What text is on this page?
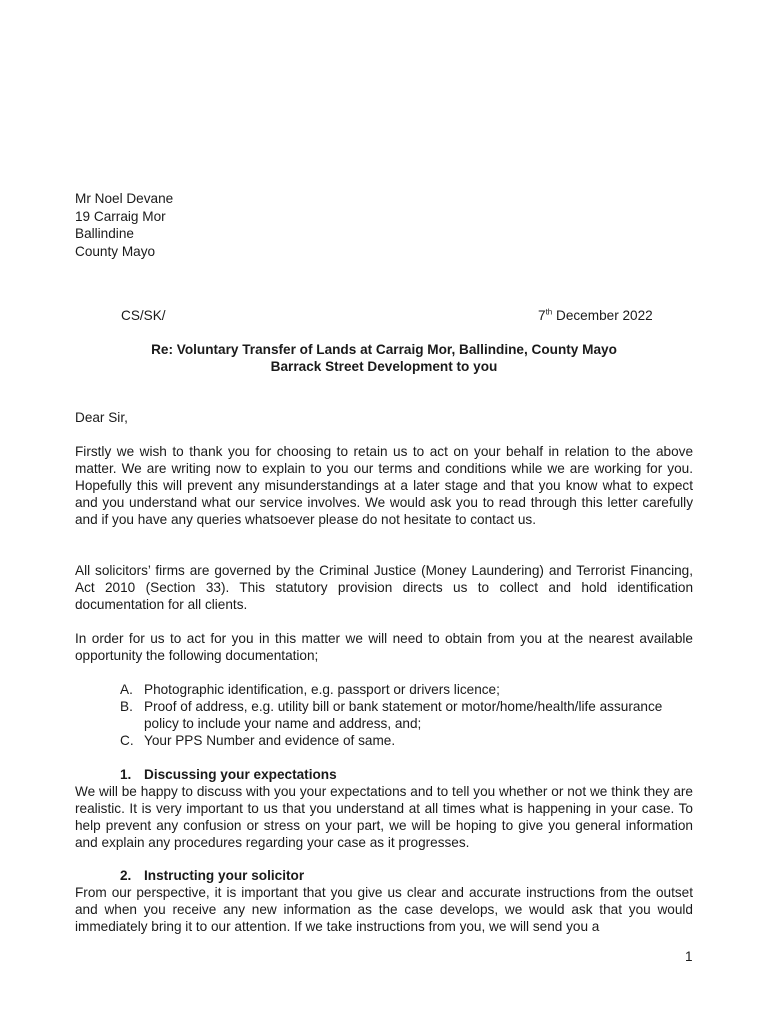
Mr Noel Devane
19 Carraig Mor
Ballindine
County Mayo
CS/SK/	7th December 2022
Re: Voluntary Transfer of Lands at Carraig Mor, Ballindine, County Mayo
Barrack Street Development to you
Dear Sir,
Firstly we wish to thank you for choosing to retain us to act on your behalf in relation to the above matter. We are writing now to explain to you our terms and conditions while we are working for you. Hopefully this will prevent any misunderstandings at a later stage and that you know what to expect and you understand what our service involves. We would ask you to read through this letter carefully and if you have any queries whatsoever please do not hesitate to contact us.
All solicitors’ firms are governed by the Criminal Justice (Money Laundering) and Terrorist Financing, Act 2010 (Section 33). This statutory provision directs us to collect and hold identification documentation for all clients.
In order for us to act for you in this matter we will need to obtain from you at the nearest available opportunity the following documentation;
A. Photographic identification, e.g. passport or drivers licence;
B. Proof of address, e.g. utility bill or bank statement or motor/home/health/life assurance policy to include your name and address, and;
C. Your PPS Number and evidence of same.
1. Discussing your expectations
We will be happy to discuss with you your expectations and to tell you whether or not we think they are realistic. It is very important to us that you understand at all times what is happening in your case. To help prevent any confusion or stress on your part, we will be hoping to give you general information and explain any procedures regarding your case as it progresses.
2. Instructing your solicitor
From our perspective, it is important that you give us clear and accurate instructions from the outset and when you receive any new information as the case develops, we would ask that you would immediately bring it to our attention. If we take instructions from you, we will send you a
1
